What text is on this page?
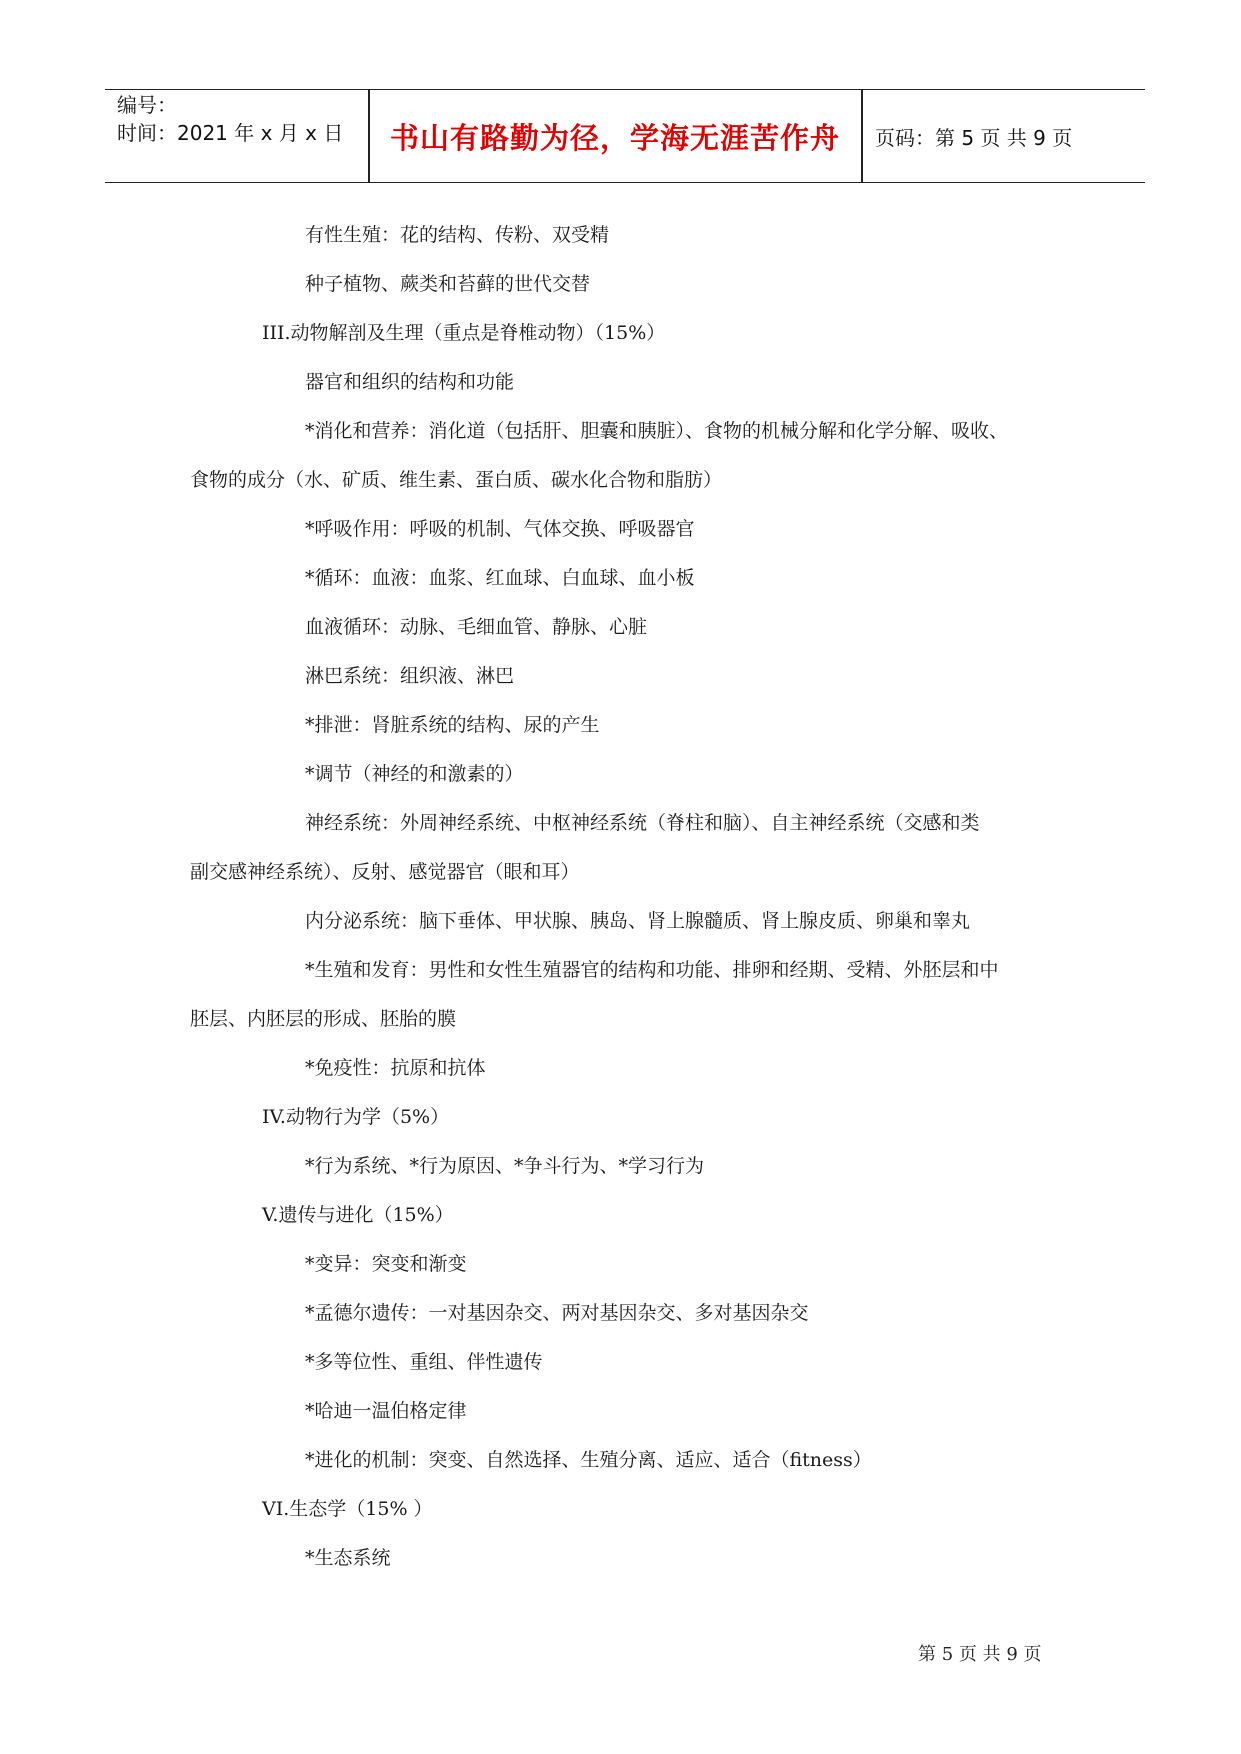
编号：
时间：2021 年 x 月 x 日	书山有路勤为径，学海无涯苦作舟	页码：第 5 页 共 9 页
有性生殖：花的结构、传粉、双受精
种子植物、蕨类和苔藓的世代交替
III.动物解剖及生理（重点是脊椎动物）（15%）
器官和组织的结构和功能
*消化和营养：消化道（包括肝、胆囊和胰脏）、食物的机械分解和化学分解、吸收、
食物的成分（水、矿质、维生素、蛋白质、碳水化合物和脂肪）
*呼吸作用：呼吸的机制、气体交换、呼吸器官
*循环：血液：血浆、红血球、白血球、血小板
血液循环：动脉、毛细血管、静脉、心脏
淋巴系统：组织液、淋巴
*排泄：肾脏系统的结构、尿的产生
*调节（神经的和激素的）
神经系统：外周神经系统、中枢神经系统（脊柱和脑）、自主神经系统（交感和类
副交感神经系统）、反射、感觉器官（眼和耳）
内分泌系统：脑下垂体、甲状腺、胰岛、肾上腺髓质、肾上腺皮质、卵巢和睾丸
*生殖和发育：男性和女性生殖器官的结构和功能、排卵和经期、受精、外胚层和中
胚层、内胚层的形成、胚胎的膜
*免疫性：抗原和抗体
IV.动物行为学（5%）
*行为系统、*行为原因、*争斗行为、*学习行为
V.遗传与进化（15%）
*变异：突变和渐变
*孟德尔遗传：一对基因杂交、两对基因杂交、多对基因杂交
*多等位性、重组、伴性遗传
*哈迪一温伯格定律
*进化的机制：突变、自然选择、生殖分离、适应、适合（fitness）
VI.生态学（15% ）
*生态系统
第 5 页 共 9 页
